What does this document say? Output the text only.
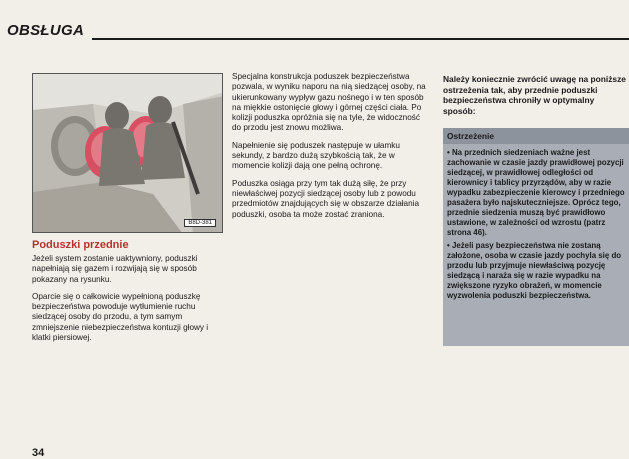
OBSŁUGA
B8D-381
Poduszki przednie

Jeżeli system zostanie uaktywniony, poduszki napełniają się gazem i rozwijają się w sposób pokazany na rysunku.

Oparcie się o całkowicie wypełnioną poduszkę bezpieczeństwa powoduje wytłumienie ruchu siedzącej osoby do przodu, a tym samym zmniejszenie niebezpieczeństwa kontuzji głowy i klatki piersiowej.

Specjalna konstrukcja poduszek bezpieczeństwa pozwala, w wyniku naporu na nią siedzącej osoby, na ukierunkowany wypływ gazu nośnego i w ten sposób na miękkie ostonięcie głowy i górnej części ciała. Po kolizji poduszka opróżnia się na tyle, że widoczność do przodu jest znowu możliwa.

Napełnienie się poduszek następuje w ułamku sekundy, z bardzo dużą szybkością tak, że w momencie kolizji dają one pełną ochronę.

Poduszka osiąga przy tym tak dużą siłę, że przy niewłaściwej pozycji siedzącej osoby lub z powodu przedmiotów znajdujących się w obszarze działania poduszki, osoba ta może zostać zraniona.

Należy koniecznie zwrócić uwagę na poniższe ostrzeżenia tak, aby przednie poduszki bezpieczeństwa chroniły w optymalny sposób:
Ostrzeżenie

• Na przednich siedzeniach ważne jest zachowanie w czasie jazdy prawidłowej pozycji siedzącej, w prawidłowej odległości od kierownicy i tablicy przyrządów, aby w razie wypadku zabezpieczenie kierowcy i przedniego pasażera było najskuteczniejsze. Oprócz tego, przednie siedzenia muszą być prawidłowo ustawione, w zależności od wzrostu (patrz strona 46).

• Jeżeli pasy bezpieczeństwa nie zostaną założone, osoba w czasie jazdy pochyla się do przodu lub przyjmuje niewłaściwą pozycję siedzącą i naraża się w razie wypadku na zwiększone ryzyko obrażeń, w momencie wyzwolenia poduszki bezpieczeństwa.

34
